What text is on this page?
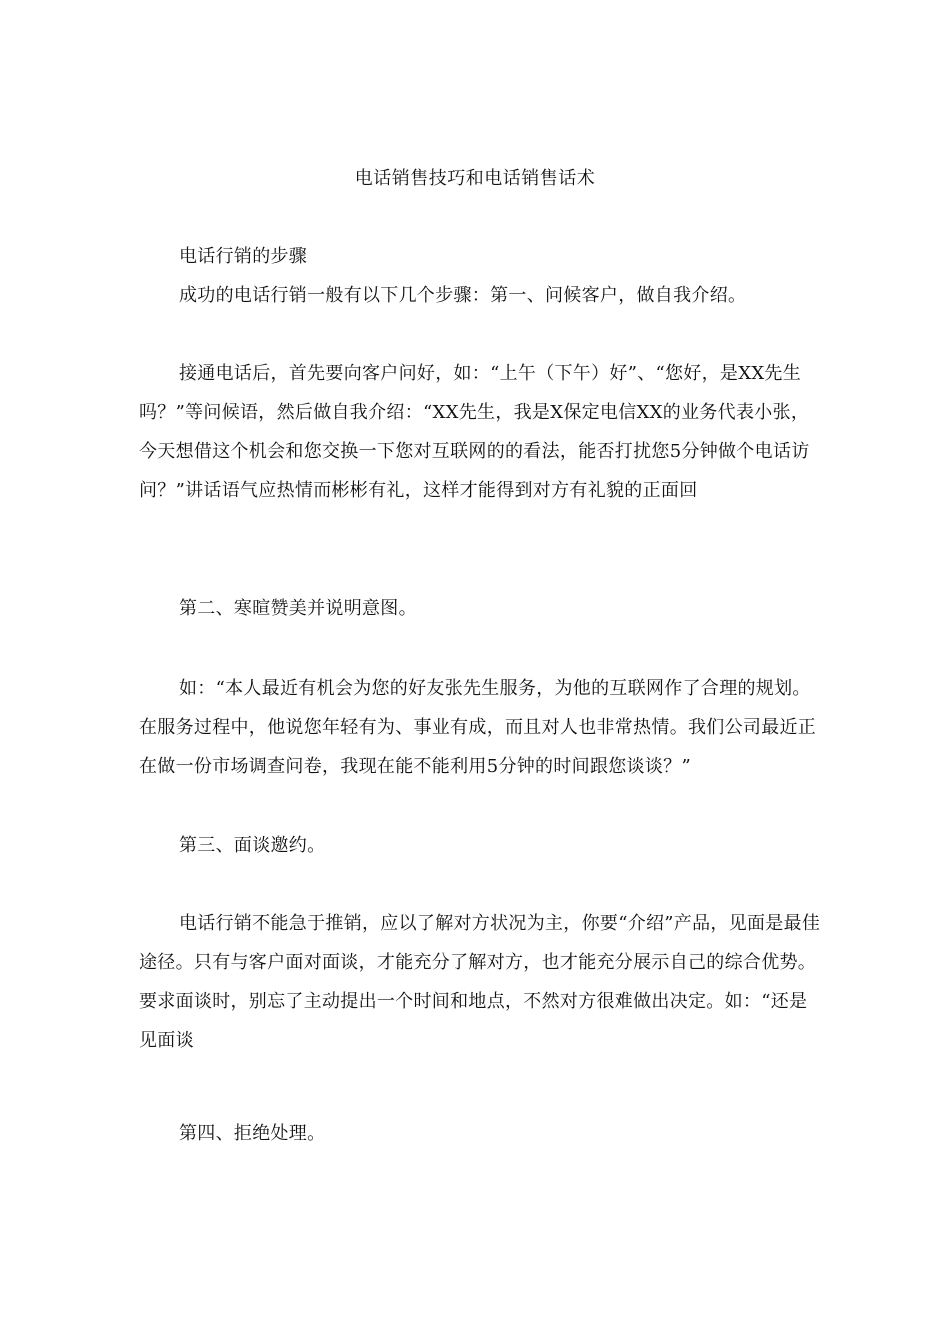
电话销售技巧和电话销售话术

电话行销的步骤

成功的电话行销一般有以下几个步骤：第一、问候客户，做自我介绍。

接通电话后，首先要向客户问好，如：“上午（下午）好”、“您好，是XX先生吗？”等问候语，然后做自我介绍：“XX先生，我是X保定电信XX的业务代表小张，今天想借这个机会和您交换一下您对互联网的的看法，能否打扰您5分钟做个电话访问？”讲话语气应热情而彬彬有礼，这样才能得到对方有礼貌的正面回

第二、寒暄赞美并说明意图。

如：“本人最近有机会为您的好友张先生服务，为他的互联网作了合理的规划。在服务过程中，他说您年轻有为、事业有成，而且对人也非常热情。我们公司最近正在做一份市场调查问卷，我现在能不能利用5分钟的时间跟您谈谈？”

第三、面谈邀约。

电话行销不能急于推销，应以了解对方状况为主，你要“介绍”产品，见面是最佳途径。只有与客户面对面谈，才能充分了解对方，也才能充分展示自己的综合优势。要求面谈时，别忘了主动提出一个时间和地点，不然对方很难做出决定。如：“还是见面谈

第四、拒绝处理。
